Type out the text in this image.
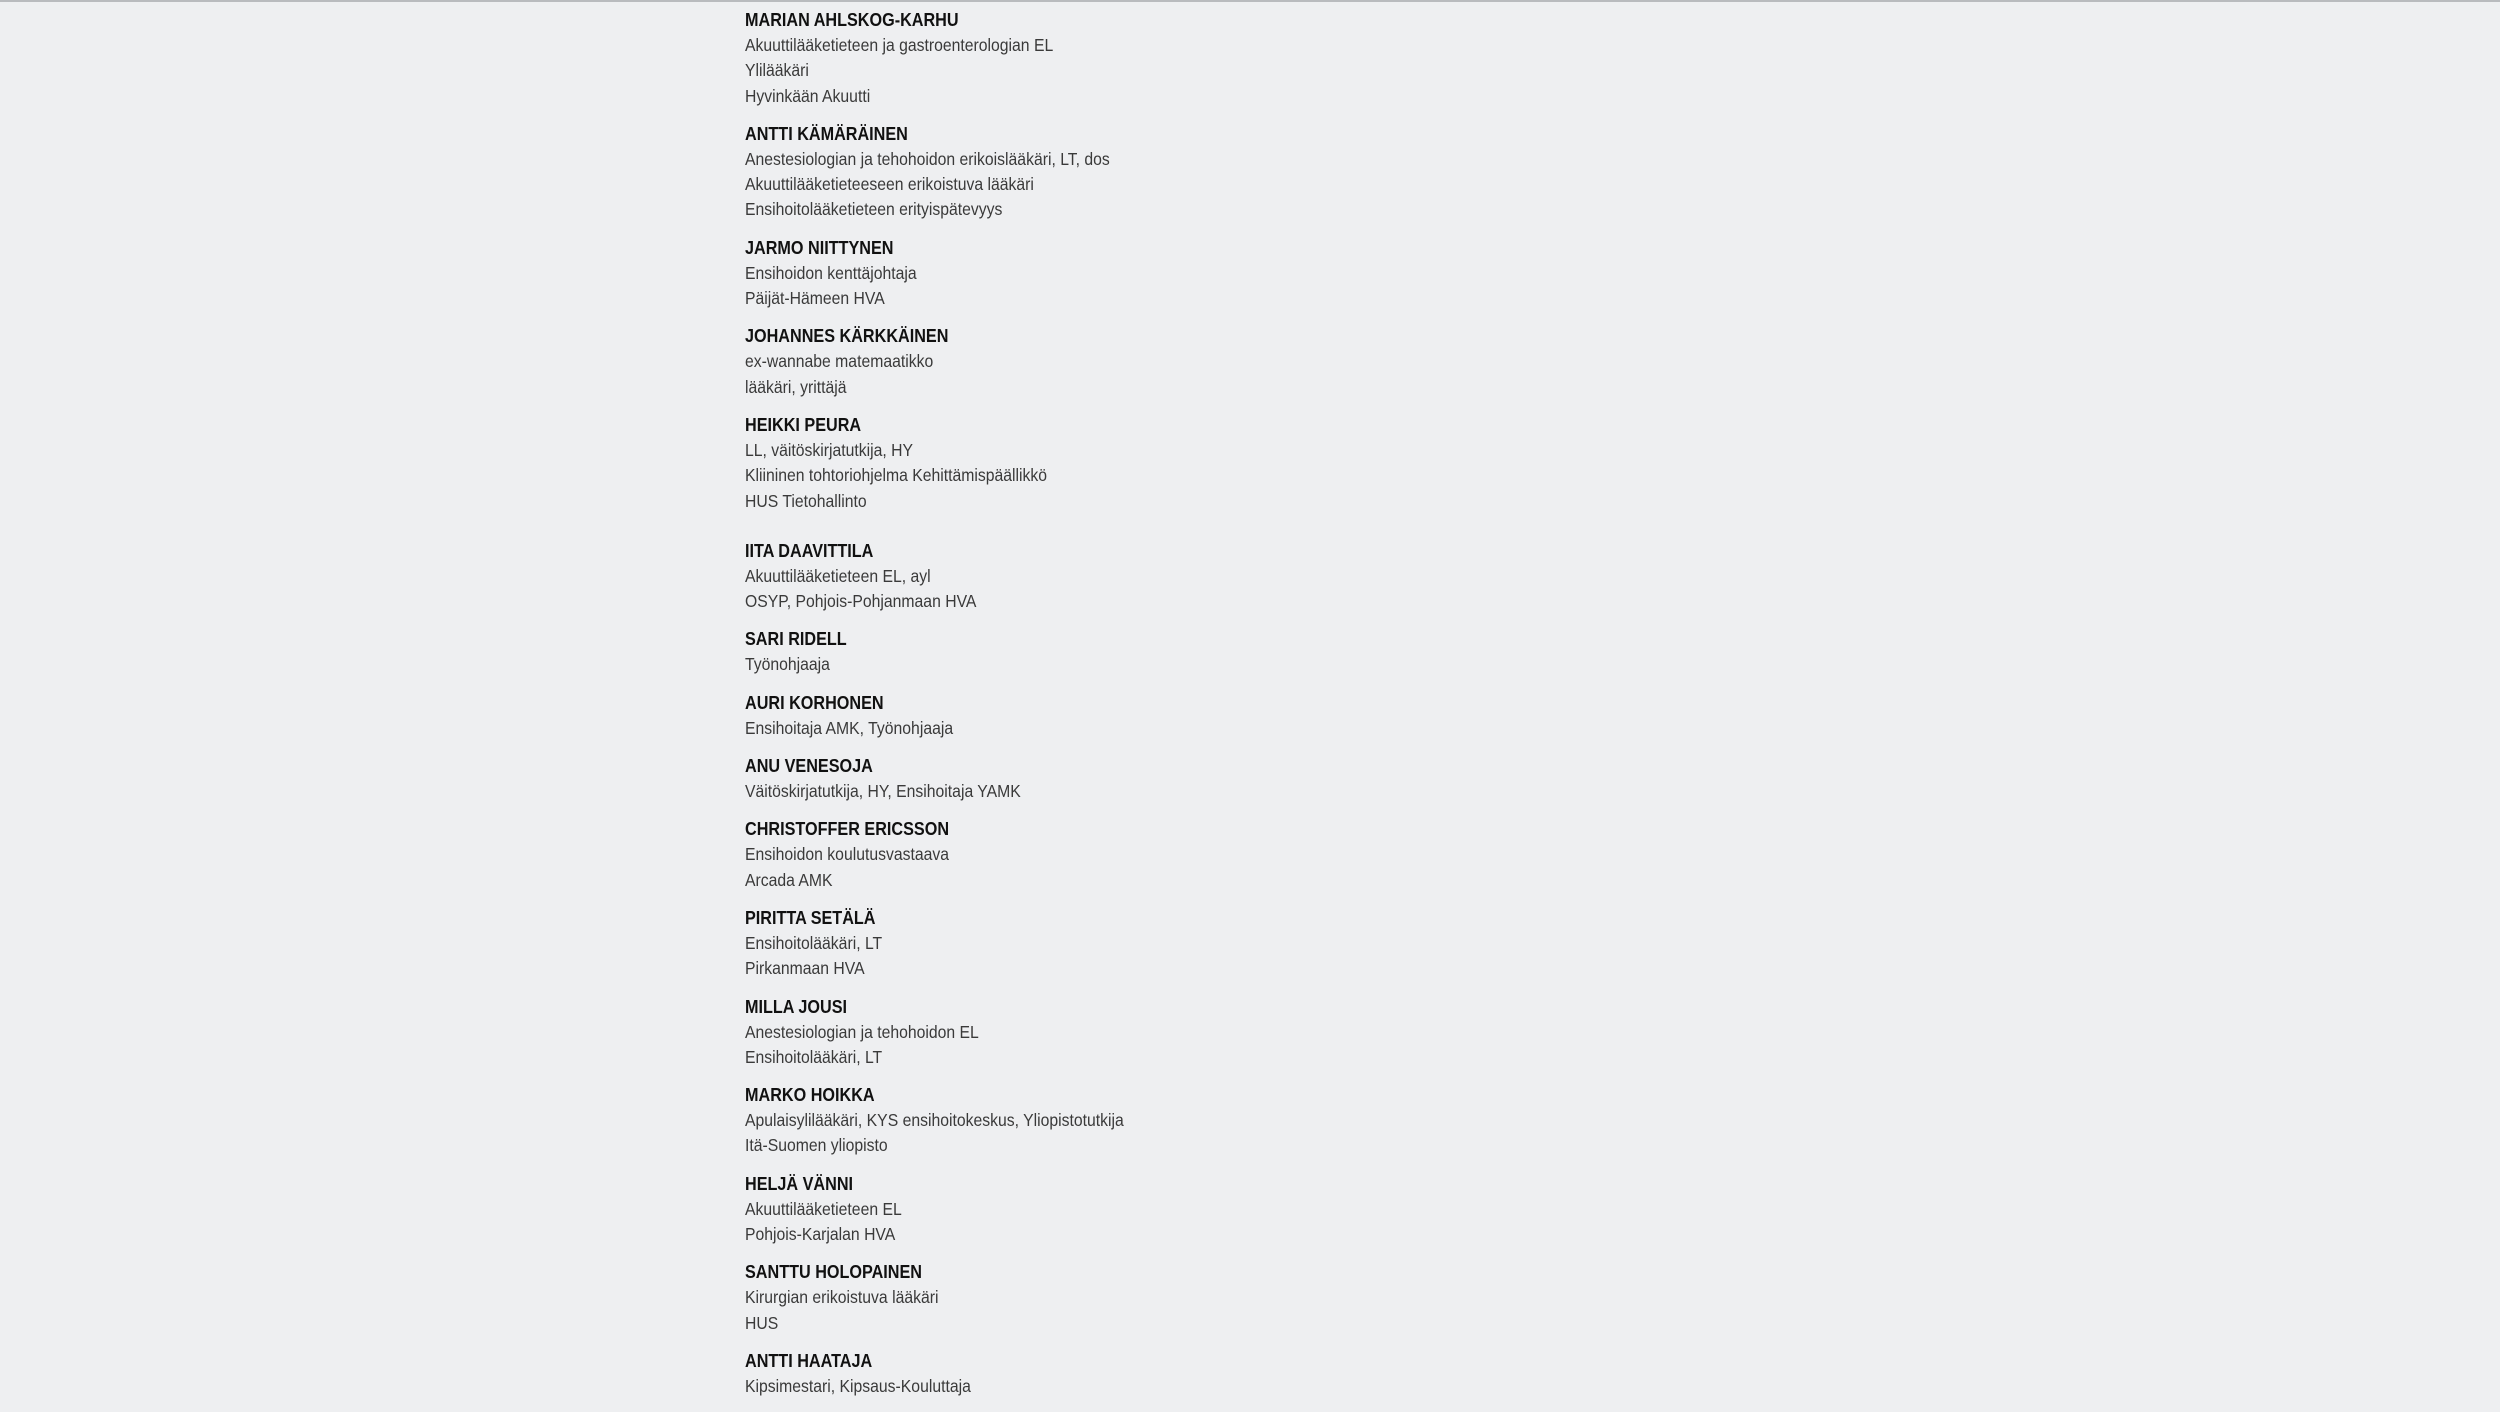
MARIAN AHLSKOG-KARHU
Akuuttilääketieteen ja gastroenterologian EL
Ylilääkäri
Hyvinkään Akuutti
ANTTI KÄMÄRÄINEN
Anestesiologian ja tehohoidon erikoislääkäri, LT, dos
Akuuttilääketieteeseen erikoistuva lääkäri
Ensihoitolääketieteen erityispätevyys
JARMO NIITTYNEN
Ensihoidon kenttäjohtaja
Päijät-Hämeen HVA
JOHANNES KÄRKKÄINEN
ex-wannabe matemaatikko
lääkäri, yrittäjä
HEIKKI PEURA
LL, väitöskirjatutkija, HY
Kliininen tohtoriohjelma Kehittämispäällikkö
HUS Tietohallinto
IITA DAAVITTILA
Akuuttilääketieteen EL, ayl
OSYP, Pohjois-Pohjanmaan HVA
SARI RIDELL
Työnohjaaja
AURI KORHONEN
Ensihoitaja AMK, Työnohjaaja
ANU VENESOJA
Väitöskirjatutkija, HY, Ensihoitaja YAMK
CHRISTOFFER ERICSSON
Ensihoidon koulutusvastaava
Arcada AMK
PIRITTA SETÄLÄ
Ensihoitolääkäri, LT
Pirkanmaan HVA
MILLA JOUSI
Anestesiologian ja tehohoidon EL
Ensihoitolääkäri, LT
MARKO HOIKKA
Apulaisylilääkäri, KYS ensihoitokeskus, Yliopistotutkija
Itä-Suomen yliopisto
HELJÄ VÄNNI
Akuuttilääketieteen EL
Pohjois-Karjalan HVA
SANTTU HOLOPAINEN
Kirurgian erikoistuva lääkäri
HUS
ANTTI HAATAJA
Kipsimestari, Kipsaus-Kouluttaja
